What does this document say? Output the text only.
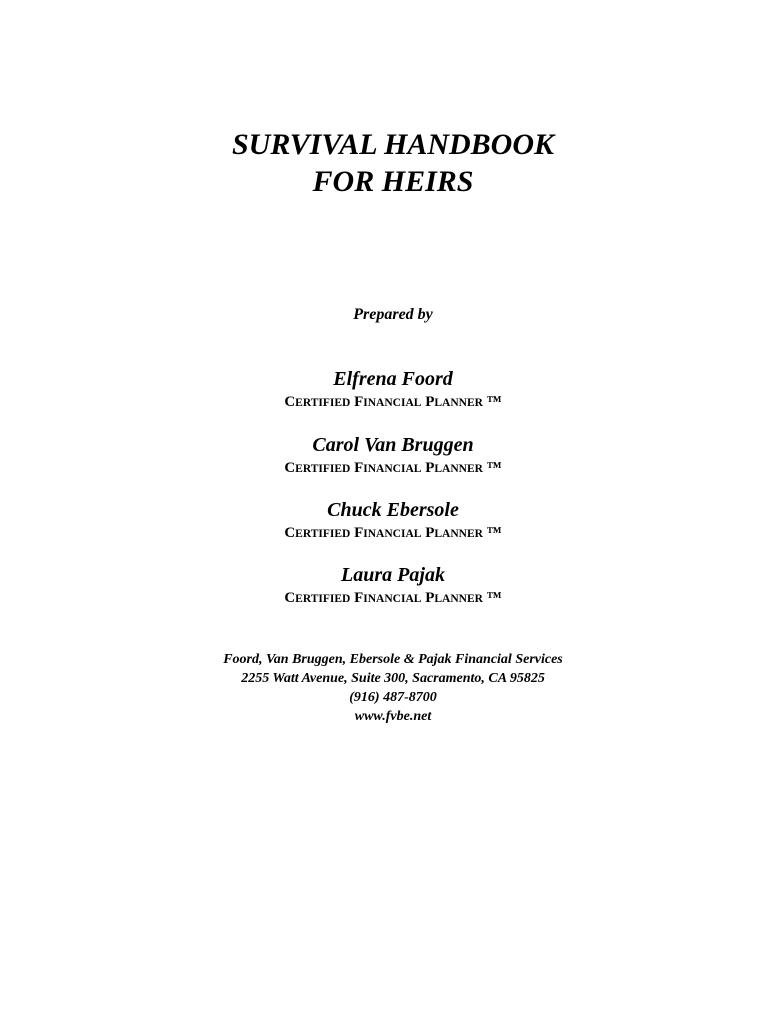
SURVIVAL HANDBOOK
FOR HEIRS
Prepared by
Elfrena Foord
CERTIFIED FINANCIAL PLANNER ™
Carol Van Bruggen
CERTIFIED FINANCIAL PLANNER ™
Chuck Ebersole
CERTIFIED FINANCIAL PLANNER ™
Laura Pajak
CERTIFIED FINANCIAL PLANNER ™
Foord, Van Bruggen, Ebersole & Pajak Financial Services
2255 Watt Avenue, Suite 300, Sacramento, CA 95825
(916) 487-8700
www.fvbe.net
